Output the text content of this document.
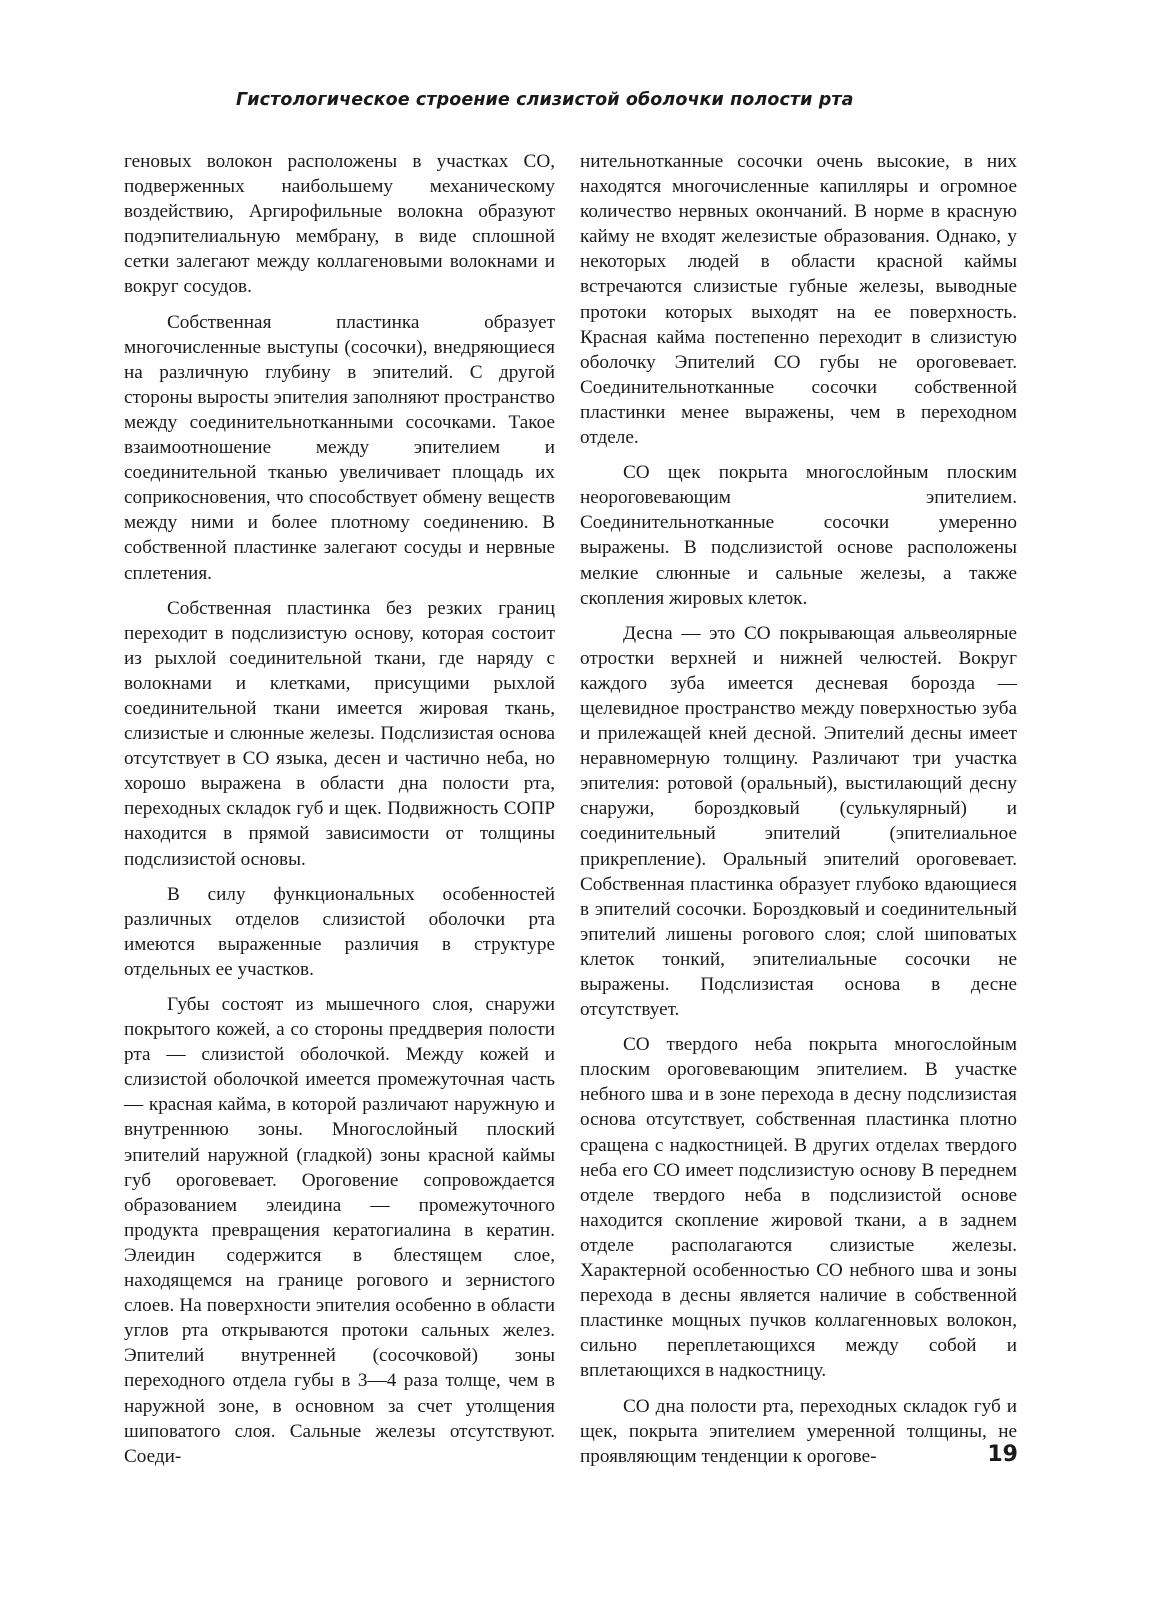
Гистологическое строение слизистой оболочки полости рта

геновых волокон расположены в участках СО, подверженных наибольшему механическому воздействию, Аргирофильные волокна образуют подэпителиальную мембрану, в виде сплошной сетки залегают между коллагеновыми волокнами и вокруг сосудов.

Собственная пластинка образует многочисленные выступы (сосочки), внедряющиеся на различную глубину в эпителий. С другой стороны выросты эпителия заполняют пространство между соединительнотканными сосочками. Такое взаимоотношение между эпителием и соединительной тканью увеличивает площадь их соприкосновения, что способствует обмену веществ между ними и более плотному соединению. В собственной пластинке залегают сосуды и нервные сплетения.

Собственная пластинка без резких границ переходит в подслизистую основу, которая состоит из рыхлой соединительной ткани, где наряду с волокнами и клетками, присущими рыхлой соединительной ткани имеется жировая ткань, слизистые и слюнные железы. Подслизистая основа отсутствует в СО языка, десен и частично неба, но хорошо выражена в области дна полости рта, переходных складок губ и щек. Подвижность СОПР находится в прямой зависимости от толщины подслизистой основы.

В силу функциональных особенностей различных отделов слизистой оболочки рта имеются выраженные различия в структуре отдельных ее участков.

Губы состоят из мышечного слоя, снаружи покрытого кожей, а со стороны преддверия полости рта — слизистой оболочкой. Между кожей и слизистой оболочкой имеется промежуточная часть — красная кайма, в которой различают наружную и внутреннюю зоны. Многослойный плоский эпителий наружной (гладкой) зоны красной каймы губ ороговевает. Ороговение сопровождается образованием элеидина — промежуточного продукта превращения кератогиалина в кератин. Элеидин содержится в блестящем слое, находящемся на границе рогового и зернистого слоев. На поверхности эпителия особенно в области углов рта открываются протоки сальных желез. Эпителий внутренней (сосочковой) зоны переходного отдела губы в 3—4 раза толще, чем в наружной зоне, в основном за счет утолщения шиповатого слоя. Сальные железы отсутствуют. Соеди-

нительнотканные сосочки очень высокие, в них находятся многочисленные капилляры и огромное количество нервных окончаний. В норме в красную кайму не входят железистые образования. Однако, у некоторых людей в области красной каймы встречаются слизистые губные железы, выводные протоки которых выходят на ее поверхность. Красная кайма постепенно переходит в слизистую оболочку Эпителий СО губы не ороговевает. Соединительнотканные сосочки собственной пластинки менее выражены, чем в переходном отделе.

СО щек покрыта многослойным плоским неороговевающим эпителием. Соединительнотканные сосочки умеренно выражены. В подслизистой основе расположены мелкие слюнные и сальные железы, а также скопления жировых клеток.

Десна — это СО покрывающая альвеолярные отростки верхней и нижней челюстей. Вокруг каждого зуба имеется десневая борозда — щелевидное пространство между поверхностью зуба и прилежащей кней десной. Эпителий десны имеет неравномерную толщину. Различают три участка эпителия: ротовой (оральный), выстилающий десну снаружи, бороздковый (сулькулярный) и соединительный эпителий (эпителиальное прикрепление). Оральный эпителий ороговевает. Собственная пластинка образует глубоко вдающиеся в эпителий сосочки. Бороздковый и соединительный эпителий лишены рогового слоя; слой шиповатых клеток тонкий, эпителиальные сосочки не выражены. Подслизистая основа в десне отсутствует.

СО твердого неба покрыта многослойным плоским ороговевающим эпителием. В участке небного шва и в зоне перехода в десну подслизистая основа отсутствует, собственная пластинка плотно сращена с надкостницей. В других отделах твердого неба его СО имеет подслизистую основу В переднем отделе твердого неба в подслизистой основе находится скопление жировой ткани, а в заднем отделе располагаются слизистые железы. Характерной особенностью СО небного шва и зоны перехода в десны является наличие в собственной пластинке мощных пучков коллагенновых волокон, сильно переплетающихся между собой и вплетающихся в надкостницу.

СО дна полости рта, переходных складок губ и щек, покрыта эпителием умеренной толщины, не проявляющим тенденции к орогове-	19
